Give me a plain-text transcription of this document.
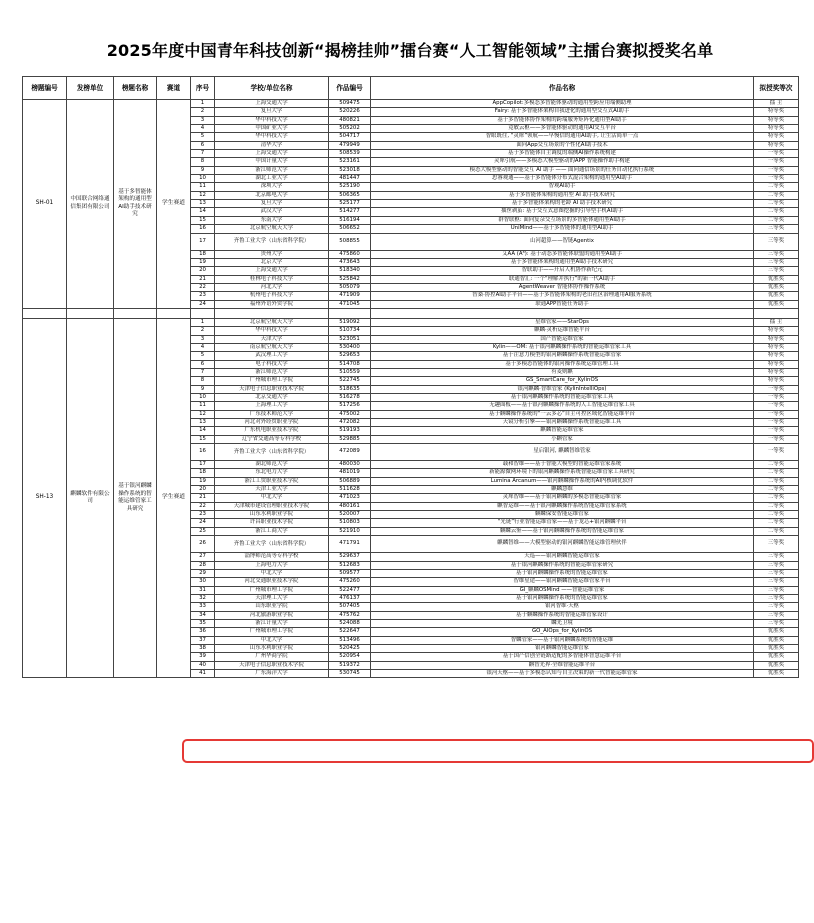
2025年度中国青年科技创新“揭榜挂帅”擂台赛“人工智能领域”主擂台赛拟授奖名单
榜题编号	发榜单位	榜题名称	赛道	序号	学校/单位名称	作品编号	作品名称	拟授奖等次
SH-01	中国联合网络通信集团有限公司	基于多智能体架构的通用型AI助手技术研究	学生赛道	1	上海交通大学	509475	AppCopilot:多模态多智能体驱动的通用型跨应用端侧助理	擂 主
				2	复旦大学	520226	Fairy: 基于多智能体架构自我进化的通用型交互式AI助手	特等奖
				3	华中科技大学	480821	基于多智能体协作架构的跨端服务矩阵化通用型AI助手	特等奖
				4	中国矿业大学	505202	竟敏云枢——多智能体驱动的通用AI交互平台	特等奖
				5	华中科技大学	504717	智眼既往, “灵犀”领航——早慢信的通用AI助手, 让生活简单一点	特等奖
				6	清华大学	479949	面向App交互场景的个性化AI助手技术	特等奖
				7	上海交通大学	508539	基于多智能体自主调度的端侧AI操作系统构建	一等奖
				8	中国计量大学	523161	灵犀引航——多模态大模型驱动的APP 智能操作助手构建	一等奖
				9	浙江师范大学	523018	模态大模型驱动的智能交互 AI 助手 —— 面向通信场景的任务自动化执行系统	一等奖
				10	湖北工业大学	481447	思睿观通——基于多智能体分布式混合架构的通用型AI助手	一等奖
				11	深圳大学	525190	智观AI助手	二等奖
				12	北京邮电大学	506365	基于多智能体架构的通用型 AI 助手技术研究	二等奖
				13	复旦大学	525177	基于多智能体架构的老龄 AI 助手技术研究	二等奖
				14	武汉大学	514277	抽丝剥茧: 基于交互式意图挖掘的引导型手机AI助手	二等奖
				15	东南大学	516194	群智联枢: 面向复杂交互场景的多智能体通用型AI助手	二等奖
				16	北京航空航天大学	506652	UniMind——基于多智能体的通用型AI助手	三等奖
				17	齐鲁工业大学（山东省科学院）	508855	山河超算——智链Agentix	三等奖
				18	贵州大学	475860	艾AA (A³): 基于动态多智能体联盟的通用型AI助手	三等奖
				19	北京大学	473643	基于多智能体架构的通用型AI助手技术研究	三等奖
				20	上海交通大学	518340	智联助手——开启人机协作新纪元	三等奖
				21	桂林电子科技大学	525842	联通智汇: 一个“理解并执行”的新一代AI助手	优胜奖
				22	河北大学	505079	AgentWeaver 智能体协作操作系统	优胜奖
				23	杭州电子科技大学	471909	智桑·协控AI助手平台——基于多智能体架构的老旧社区治理通用AI服务系统	优胜奖
				24	福州外语外贸学院	471045	联通APP智能任务助手	优胜奖

SH-13	麒麟软件有限公司	基于银河麒麟操作系统的智能运维管家工具研究	学生赛道	1	北京航空航天大学	519092	星维管家——StarOps	擂 主
				2	华中科技大学	510734	麒麟·灵析运维智能平台	特等奖
				3	天津大学	523051	国产智能运维管家	特等奖
				4	南京航空航天大学	530400	Kylin——OM: 基于银河麒麟操作系统的智能运维管家工具	特等奖
				5	武汉理工大学	529653	基于注意力模型的银河麒麟操作系统智能运维管家	特等奖
				6	电子科技大学	514708	基于多模态智能体的银河操作系统运维管理工具	特等奖
				7	浙江师范大学	510559	有麦则麒	特等奖
				8	广州城市理工学院	522745	GS_SmartCare_for_KylinOS	特等奖
				9	天津电子信息职业技术学院	518635	银河麒麟·智维管家 (KylinIntelliOps)	一等奖
				10	北京交通大学	516278	基于银河麒麟操作系统的智能运维管家工具	一等奖
				11	上海理工大学	517256	无趣面板——基于银河麒麟操作系统的人工智能运维管家工具	一等奖
				12	广东技术师范大学	475002	基于麒麟操作系统的“一云多芯”自主可控区域化智能运维平台	一等奖
				13	河北对外经贸职业学院	472082	天镜分析引擎——银河麒麟操作系统智能运维工具	一等奖
				14	广东机电职业技术学院	519193	麒麟智能运维管家	一等奖
				15	辽宁省交通高等专科学校	529885	小麒管家	一等奖
				16	齐鲁工业大学（山东省科学院）	472089	星启银河, 麒麟智维管家	一等奖
				17	湖北师范大学	480030	载和智维——基于智能大模型的智能运维管家系统	二等奖
				18	东北电力大学	481019	新能源微网环境下的银河麒麟操作系统智能运维管家工具研究	二等奖
				19	浙江工贸职业技术学院	506889	Lumina Arcanum——银河麒麟操作系统的AI内核调优软件	二等奖
				20	天津工业大学	511628	麒麟慧维	二等奖
				21	中北大学	471023	灵犀智维——基于银河麒麟的多模态智能运维管家	二等奖
				22	天津城市建设管理职业技术学院	480161	麒智运维——基于银河麒麟操作系统智能运维管家系统	二等奖
				23	山东水利职业学院	520007	麒麟保安智能运维管家	二等奖
				24	许昌职业技术学院	510803	“光链”行业智能运维管家——基于龙芯+银河麒麟平台	二等奖
				25	浙江工商大学	521910	麒麟云鉴——基于银河麒麟操作系统的智能运维管家	二等奖
				26	齐鲁工业大学（山东省科学院）	471791	麒麟智维——大模型驱动的银河麒麟智能运维管理伙伴	三等奖
				27	淄博师范高等专科学校	529637	天巡——银河麒麟智能运维管家	三等奖
				28	上海电力大学	512683	基于银河麒麟操作系统的智能运维管家研究	三等奖
				29	中北大学	509577	基于银河麒麟操作系统的智能运维管家	三等奖
				30	河北交通职业技术学院	475260	智维星途——银河麒麟智能运维管家平台	三等奖
				31	广州城市理工学院	522477	GI_麒麟OSMind ——智能运维管家	三等奖
				32	天津理工大学	476137	基于银河麒麟操作系统的智能运维管家	三等奖
				33	山东职业学院	507405	银河智维·天枢	三等奖
				34	河北旅游职业学院	475762	基于麒麟操作系统的智能运维管家设计	三等奖
				35	浙江计量大学	524088	麟光卫境	三等奖
				36	广州城市理工学院	522647	GO_AIOps_for_KylinOS	优胜奖
				37	中北大学	513496	智麟管家——基于银河麒麟系统的智能运维	优胜奖
				38	山东水利职业学院	520425	银河麒麟智能运维管家	优胜奖
				39	广州华商学院	520954	基于国产信创全链路适配的多智能体智慧运维平台	优胜奖
				40	天津电子信息职业技术学院	519372	麒智光界·全维智能运维平台	优胜奖
				41	广东海洋大学	530745	银河天枢——基于多模态认知与自主决策的新一代智能运维管家	优胜奖
